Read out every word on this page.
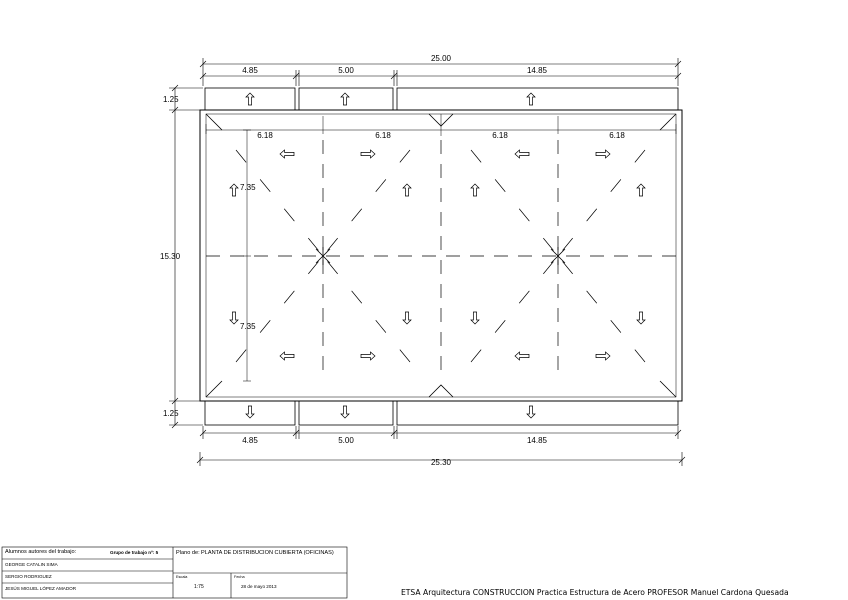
25.00
4.85	5.00	14.85
4.85	5.00	14.85
25.30
1.25
15.30
1.25
6.18	6.18	6.18	6.18
7.35
7.35
Alumnos autores del trabajo:	Grupo de trabajo nº: 5
GEORGE CATALIN SIMA
SERGIO RODRIGUEZ
JESÚS MIGUEL LÓPEZ AMADOR
Plano de: PLANTA DE DISTRIBUCION CUBIERTA (OFICINAS)
Escala
1:75
Fecha
28 de mayo 2013
ETSA Arquitectura CONSTRUCCION Practica Estructura de Acero PROFESOR Manuel Cardona Quesada
